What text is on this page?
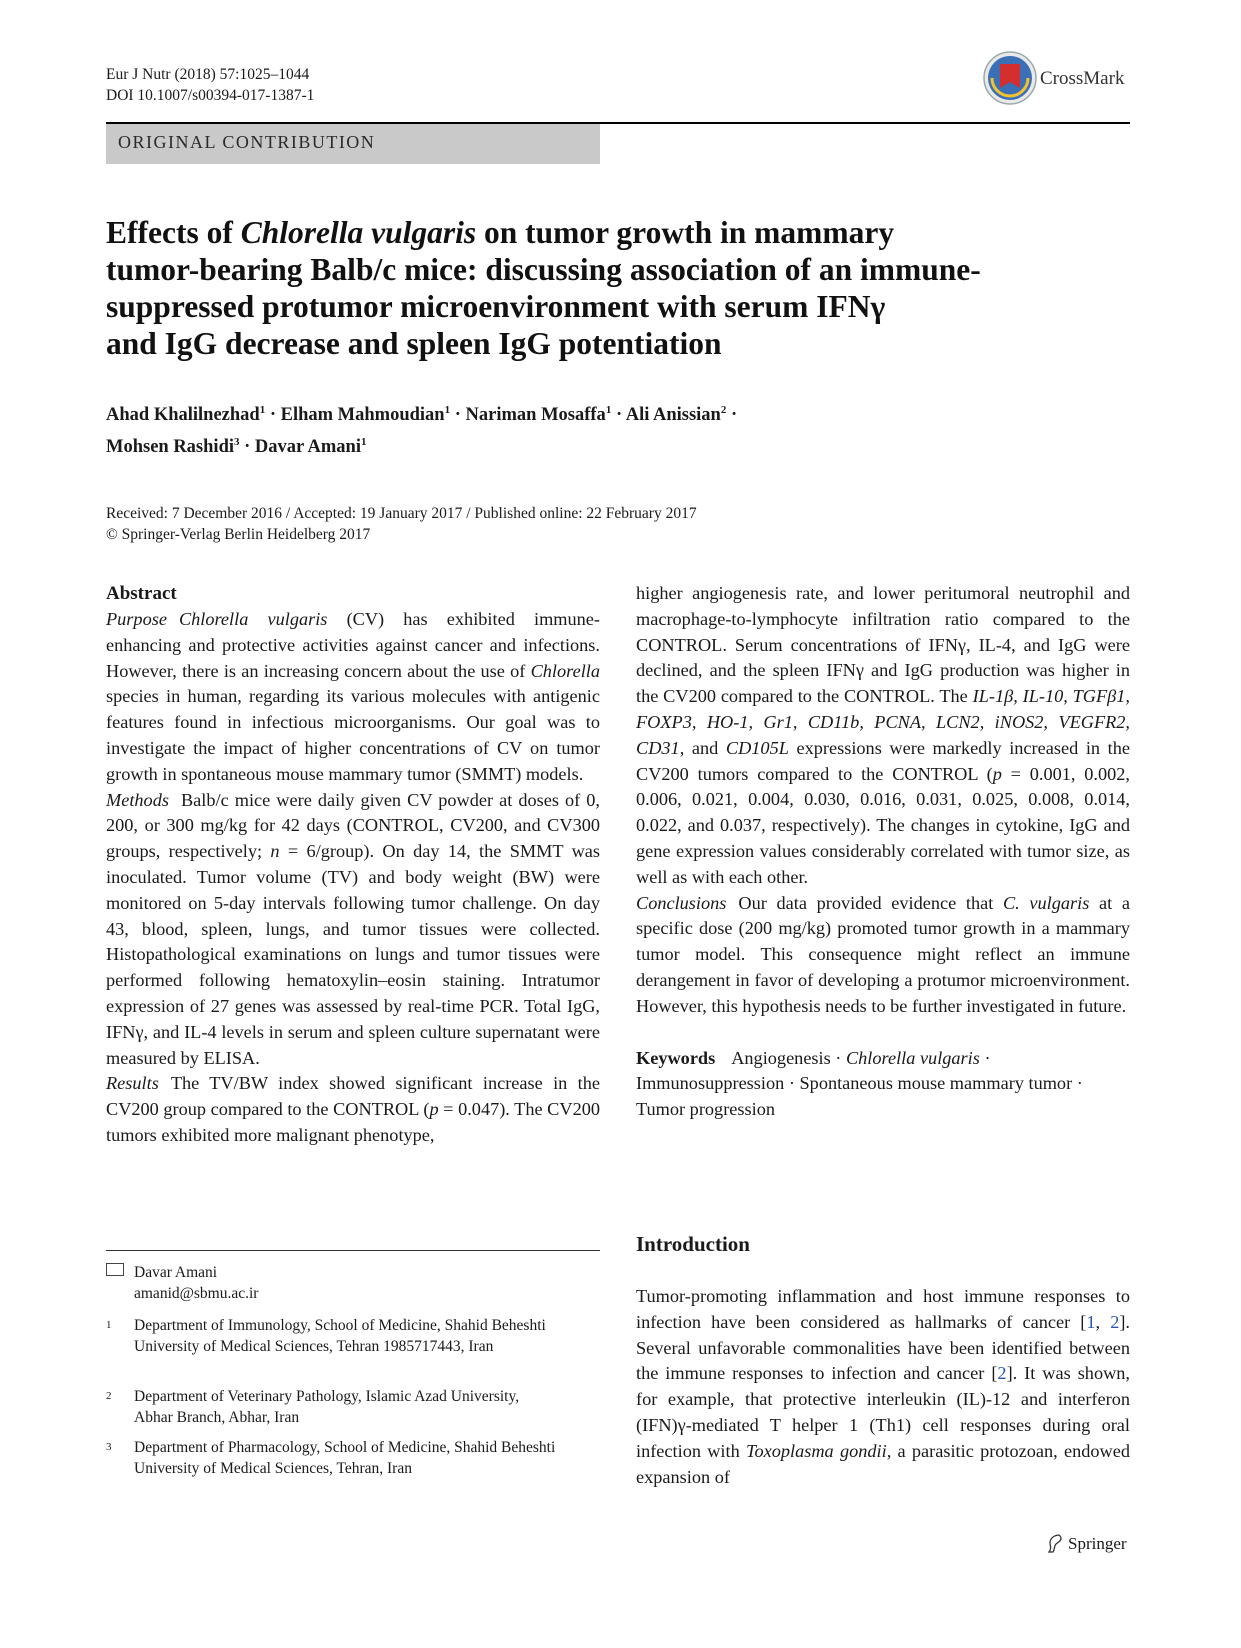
Eur J Nutr (2018) 57:1025–1044
DOI 10.1007/s00394-017-1387-1
CrossMark
ORIGINAL CONTRIBUTION
Effects of Chlorella vulgaris on tumor growth in mammary
tumor-bearing Balb/c mice: discussing association of an immune-
suppressed protumor microenvironment with serum IFNγ
and IgG decrease and spleen IgG potentiation
Ahad Khalilnezhad$^1$ · Elham Mahmoudian$^1$ · Nariman Mosaffa$^1$ · Ali Anissian$^2$ ·
Mohsen Rashidi$^3$ · Davar Amani$^1$
Received: 7 December 2016 / Accepted: 19 January 2017 / Published online: 22 February 2017
© Springer-Verlag Berlin Heidelberg 2017
Abstract

Purpose Chlorella vulgaris (CV) has exhibited immune-enhancing and protective activities against cancer and infections. However, there is an increasing concern about the use of Chlorella species in human, regarding its various molecules with antigenic features found in infectious microorganisms. Our goal was to investigate the impact of higher concentrations of CV on tumor growth in spontaneous mouse mammary tumor (SMMT) models.

Methods Balb/c mice were daily given CV powder at doses of 0, 200, or 300 mg/kg for 42 days (CONTROL, CV200, and CV300 groups, respectively; n = 6/group). On day 14, the SMMT was inoculated. Tumor volume (TV) and body weight (BW) were monitored on 5-day intervals following tumor challenge. On day 43, blood, spleen, lungs, and tumor tissues were collected. Histopathological examinations on lungs and tumor tissues were performed following hematoxylin–eosin staining. Intratumor expression of 27 genes was assessed by real-time PCR. Total IgG, IFNγ, and IL-4 levels in serum and spleen culture supernatant were measured by ELISA.

Results The TV/BW index showed significant increase in the CV200 group compared to the CONTROL (p = 0.047). The CV200 tumors exhibited more malignant phenotype,

Davar Amani
amanid@sbmu.ac.ir
1	Department of Immunology, School of Medicine, Shahid Beheshti University of Medical Sciences, Tehran 1985717443, Iran
2	Department of Veterinary Pathology, Islamic Azad University, Abhar Branch, Abhar, Iran
3	Department of Pharmacology, School of Medicine, Shahid Beheshti University of Medical Sciences, Tehran, Iran

higher angiogenesis rate, and lower peritumoral neutrophil and macrophage-to-lymphocyte infiltration ratio compared to the CONTROL. Serum concentrations of IFNγ, IL-4, and IgG were declined, and the spleen IFNγ and IgG production was higher in the CV200 compared to the CONTROL. The IL-1β, IL-10, TGFβ1, FOXP3, HO-1, Gr1, CD11b, PCNA, LCN2, iNOS2, VEGFR2, CD31, and CD105L expressions were markedly increased in the CV200 tumors compared to the CONTROL (p = 0.001, 0.002, 0.006, 0.021, 0.004, 0.030, 0.016, 0.031, 0.025, 0.008, 0.014, 0.022, and 0.037, respectively). The changes in cytokine, IgG and gene expression values considerably correlated with tumor size, as well as with each other.

Conclusions Our data provided evidence that C. vulgaris at a specific dose (200 mg/kg) promoted tumor growth in a mammary tumor model. This consequence might reflect an immune derangement in favor of developing a protumor microenvironment. However, this hypothesis needs to be further investigated in future.

Keywords Angiogenesis · Chlorella vulgaris · Immunosuppression · Spontaneous mouse mammary tumor · Tumor progression

Introduction

Tumor-promoting inflammation and host immune responses to infection have been considered as hallmarks of cancer [1, 2]. Several unfavorable commonalities have been identified between the immune responses to infection and cancer [2]. It was shown, for example, that protective interleukin (IL)-12 and interferon (IFN)γ-mediated T helper 1 (Th1) cell responses during oral infection with Toxoplasma gondii, a parasitic protozoan, endowed expansion of

Springer
